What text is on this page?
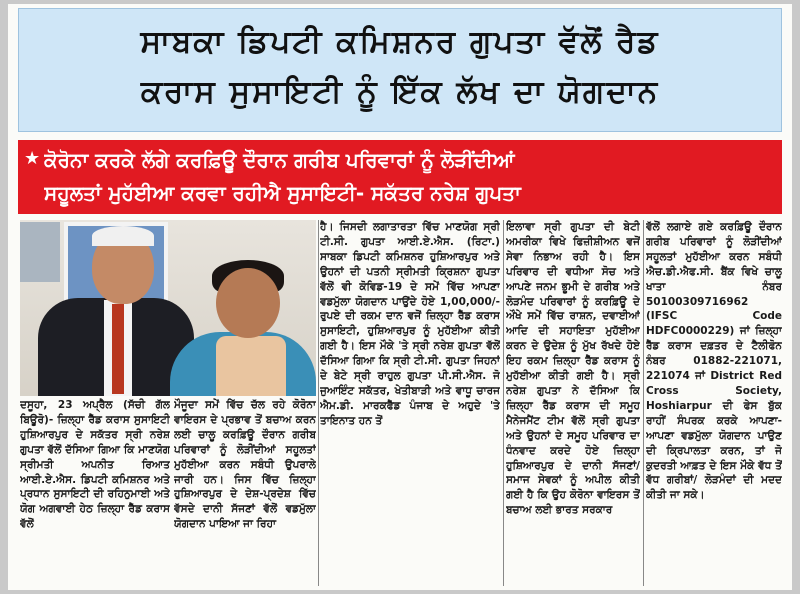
ਸਾਬਕਾ ਡਿਪਟੀ ਕਮਿਸ਼ਨਰ ਗੁਪਤਾ ਵੱਲੋਂ ਰੈਡ
ਕਰਾਸ ਸੁਸਾਇਟੀ ਨੂੰ ਇੱਕ ਲੱਖ ਦਾ ਯੋਗਦਾਨ
★ ਕੋਰੋਨਾ ਕਰਕੇ ਲੱਗੇ ਕਰਫ਼ਿਊ ਦੌਰਾਨ ਗਰੀਬ ਪਰਿਵਾਰਾਂ ਨੂੰ ਲੋੜੀਂਦੀਆਂ
ਸਹੂਲਤਾਂ ਮੁਹੱਈਆ ਕਰਵਾ ਰਹੀਐ ਸੁਸਾਇਟੀ- ਸਕੱਤਰ ਨਰੇਸ਼ ਗੁਪਤਾ

ਦਸੂਹਾ, 23 ਅਪ੍ਰੈਲ (ਸੱਚੀ ਗੱਲ ਬਿਊਰੋ)- ਜ਼ਿਲ੍ਹਾ ਰੈੱਡ ਕਰਾਸ ਸੁਸਾਇਟੀ ਹੁਸ਼ਿਆਰਪੁਰ ਦੇ ਸਕੱਤਰ ਸ੍ਰੀ ਨਰੇਸ਼ ਗੁਪਤਾ ਵੱਲੋਂ ਦੱਸਿਆ ਗਿਆ ਕਿ ਮਾਣਯੋਗ ਸ੍ਰੀਮਤੀ ਅਪਨੀਤ ਰਿਆਤ ਆਈ.ਏ.ਐਸ. ਡਿਪਟੀ ਕਮਿਸ਼ਨਰ ਅਤੇ ਪ੍ਰਧਾਨ ਸੁਸਾਇਟੀ ਦੀ ਰਹਿਨੁਮਾਈ ਅਤੇ ਯੋਗ ਅਗਵਾਈ ਹੇਠ ਜ਼ਿਲ੍ਹਾ ਰੈੱਡ ਕਰਾਸ ਵੱਲੋਂ

ਮੌਜੂਦਾ ਸਮੇਂ ਵਿੱਚ ਚੱਲ ਰਹੇ ਕੋਰੋਨਾ ਵਾਇਰਸ ਦੇ ਪ੍ਰਭਾਵ ਤੋਂ ਬਚਾਅ ਕਰਨ ਲਈ ਚਾਲੂ ਕਰਫ਼ਿਊ ਦੌਰਾਨ ਗਰੀਬ ਪਰਿਵਾਰਾਂ ਨੂੰ ਲੋੜੀਂਦੀਆਂ ਸਹੂਲਤਾਂ ਮੁਹੱਈਆ ਕਰਨ ਸਬੰਧੀ ਉਪਰਾਲੇ ਜਾਰੀ ਹਨ। ਜਿਸ ਵਿੱਚ ਜ਼ਿਲ੍ਹਾ ਹੁਸ਼ਿਆਰਪੁਰ ਦੇ ਦੇਸ਼-ਪ੍ਰਦੇਸ਼ ਵਿੱਚ ਵੱਸਦੇ ਦਾਨੀ ਸੱਜਣਾਂ ਵੱਲੋਂ ਵਡਮੁੱਲਾ ਯੋਗਦਾਨ ਪਾਇਆ ਜਾ ਰਿਹਾ

ਹੈ। ਜਿਸਦੀ ਲਗਾਤਾਰਤਾ ਵਿੱਚ ਮਾਣਯੋਗ ਸ੍ਰੀ ਟੀ.ਸੀ. ਗੁਪਤਾ ਆਈ.ਏ.ਐਸ. (ਰਿਟਾ.) ਸਾਬਕਾ ਡਿਪਟੀ ਕਮਿਸ਼ਨਰ ਹੁਸ਼ਿਆਰਪੁਰ ਅਤੇ ਉਹਨਾਂ ਦੀ ਪਤਨੀ ਸ੍ਰੀਮਤੀ ਕ੍ਰਿਸ਼ਨਾ ਗੁਪਤਾ ਵੱਲੋਂ ਵੀ ਕੋਵਿਡ-19 ਦੇ ਸਮੇਂ ਵਿੱਚ ਆਪਣਾ ਵਡਮੁੱਲਾ ਯੋਗਦਾਨ ਪਾਉਂਦੇ ਹੋਏ 1,00,000/- ਰੁਪਏ ਦੀ ਰਕਮ ਦਾਨ ਵਜੋਂ ਜ਼ਿਲ੍ਹਾ ਰੈੱਡ ਕਰਾਸ ਸੁਸਾਇਟੀ, ਹੁਸ਼ਿਆਰਪੁਰ ਨੂੰ ਮੁਹੱਈਆ ਕੀਤੀ ਗਈ ਹੈ। ਇਸ ਮੌਕੇ 'ਤੇ ਸ੍ਰੀ ਨਰੇਸ਼ ਗੁਪਤਾ ਵੱਲੋਂ ਦੱਸਿਆ ਗਿਆ ਕਿ ਸ੍ਰੀ ਟੀ.ਸੀ. ਗੁਪਤਾ ਜਿਹਨਾਂ ਦੇ ਬੇਟੇ ਸ੍ਰੀ ਰਾਹੁਲ ਗੁਪਤਾ ਪੀ.ਸੀ.ਐਸ. ਜੋ ਜੁਆਇੰਟ ਸਕੱਤਰ, ਖੇਤੀਬਾੜੀ ਅਤੇ ਵਾਧੂ ਚਾਰਜ ਐਮ.ਡੀ. ਮਾਰਕਫੈੱਡ ਪੰਜਾਬ ਦੇ ਅਹੁਦੇ 'ਤੇ ਤਾਇਨਾਤ ਹਨ ਤੋਂ

ਇਲਾਵਾ ਸ੍ਰੀ ਗੁਪਤਾ ਦੀ ਬੇਟੀ ਅਮਰੀਕਾ ਵਿਖੇ ਫਿਜ਼ੀਸ਼ੀਅਨ ਵਜੋਂ ਸੇਵਾ ਨਿਭਾਅ ਰਹੀ ਹੈ। ਇਸ ਪਰਿਵਾਰ ਦੀ ਵਧੀਆ ਸੋਚ ਅਤੇ ਆਪਣੇ ਜਨਮ ਭੂਮੀ ਦੇ ਗਰੀਬ ਅਤੇ ਲੋੜਮੰਦ ਪਰਿਵਾਰਾਂ ਨੂੰ ਕਰਫ਼ਿਊ ਦੇ ਔਖੇ ਸਮੇਂ ਵਿੱਚ ਰਾਸ਼ਨ, ਦਵਾਈਆਂ ਆਦਿ ਦੀ ਸਹਾਇਤਾ ਮੁਹੱਈਆ ਕਰਨ ਦੇ ਉਦੇਸ਼ ਨੂੰ ਮੁੱਖ ਰੱਖਦੇ ਹੋਏ ਇਹ ਰਕਮ ਜ਼ਿਲ੍ਹਾ ਰੈੱਡ ਕਰਾਸ ਨੂੰ ਮੁਹੱਈਆ ਕੀਤੀ ਗਈ ਹੈ। ਸ੍ਰੀ ਨਰੇਸ਼ ਗੁਪਤਾ ਨੇ ਦੱਸਿਆ ਕਿ ਜ਼ਿਲ੍ਹਾ ਰੈੱਡ ਕਰਾਸ ਦੀ ਸਮੂਹ ਮੈਨੇਜਮੈਂਟ ਟੀਮ ਵੱਲੋਂ ਸ੍ਰੀ ਗੁਪਤਾ ਅਤੇ ਉਹਨਾਂ ਦੇ ਸਮੂਹ ਪਰਿਵਾਰ ਦਾ ਧੰਨਵਾਦ ਕਰਦੇ ਹੋਏ ਜ਼ਿਲ੍ਹਾ ਹੁਸ਼ਿਆਰਪੁਰ ਦੇ ਦਾਨੀ ਸੱਜਣਾਂ/ ਸਮਾਜ ਸੇਵਕਾਂ ਨੂੰ ਅਪੀਲ ਕੀਤੀ ਗਈ ਹੈ ਕਿ ਉਹ ਕੋਰੋਨਾ ਵਾਇਰਸ ਤੋਂ ਬਚਾਅ ਲਈ ਭਾਰਤ ਸਰਕਾਰ

ਵੱਲੋਂ ਲਗਾਏ ਗਏ ਕਰਫ਼ਿਊ ਦੌਰਾਨ ਗਰੀਬ ਪਰਿਵਾਰਾਂ ਨੂੰ ਲੋੜੀਂਦੀਆਂ ਸਹੂਲਤਾਂ ਮੁਹੱਈਆ ਕਰਨ ਸਬੰਧੀ ਐਚ.ਡੀ.ਐਫ.ਸੀ. ਬੈਂਕ ਵਿਖੇ ਚਾਲੂ ਖਾਤਾ ਨੰਬਰ 50100309716962 (IFSC Code HDFC0000229) ਜਾਂ ਜ਼ਿਲ੍ਹਾ ਰੈੱਡ ਕਰਾਸ ਦਫ਼ਤਰ ਦੇ ਟੈਲੀਫੋਨ ਨੰਬਰ 01882-221071, 221074 ਜਾਂ District Red Cross Society, Hoshiarpur ਦੀ ਫੇਸ ਬੁੱਕ ਰਾਹੀਂ ਸੰਪਰਕ ਕਰਕੇ ਆਪਣਾ- ਆਪਣਾ ਵਡਮੁੱਲਾ ਯੋਗਦਾਨ ਪਾਉਣ ਦੀ ਕ੍ਰਿਪਾਲਤਾ ਕਰਨ, ਤਾਂ ਜੋ ਕੁਦਰਤੀ ਆਫ਼ਤ ਦੇ ਇਸ ਮੌਕੇ ਵੱਧ ਤੋਂ ਵੱਧ ਗਰੀਬਾਂ/ ਲੋੜਮੰਦਾਂ ਦੀ ਮਦਦ ਕੀਤੀ ਜਾ ਸਕੇ।
